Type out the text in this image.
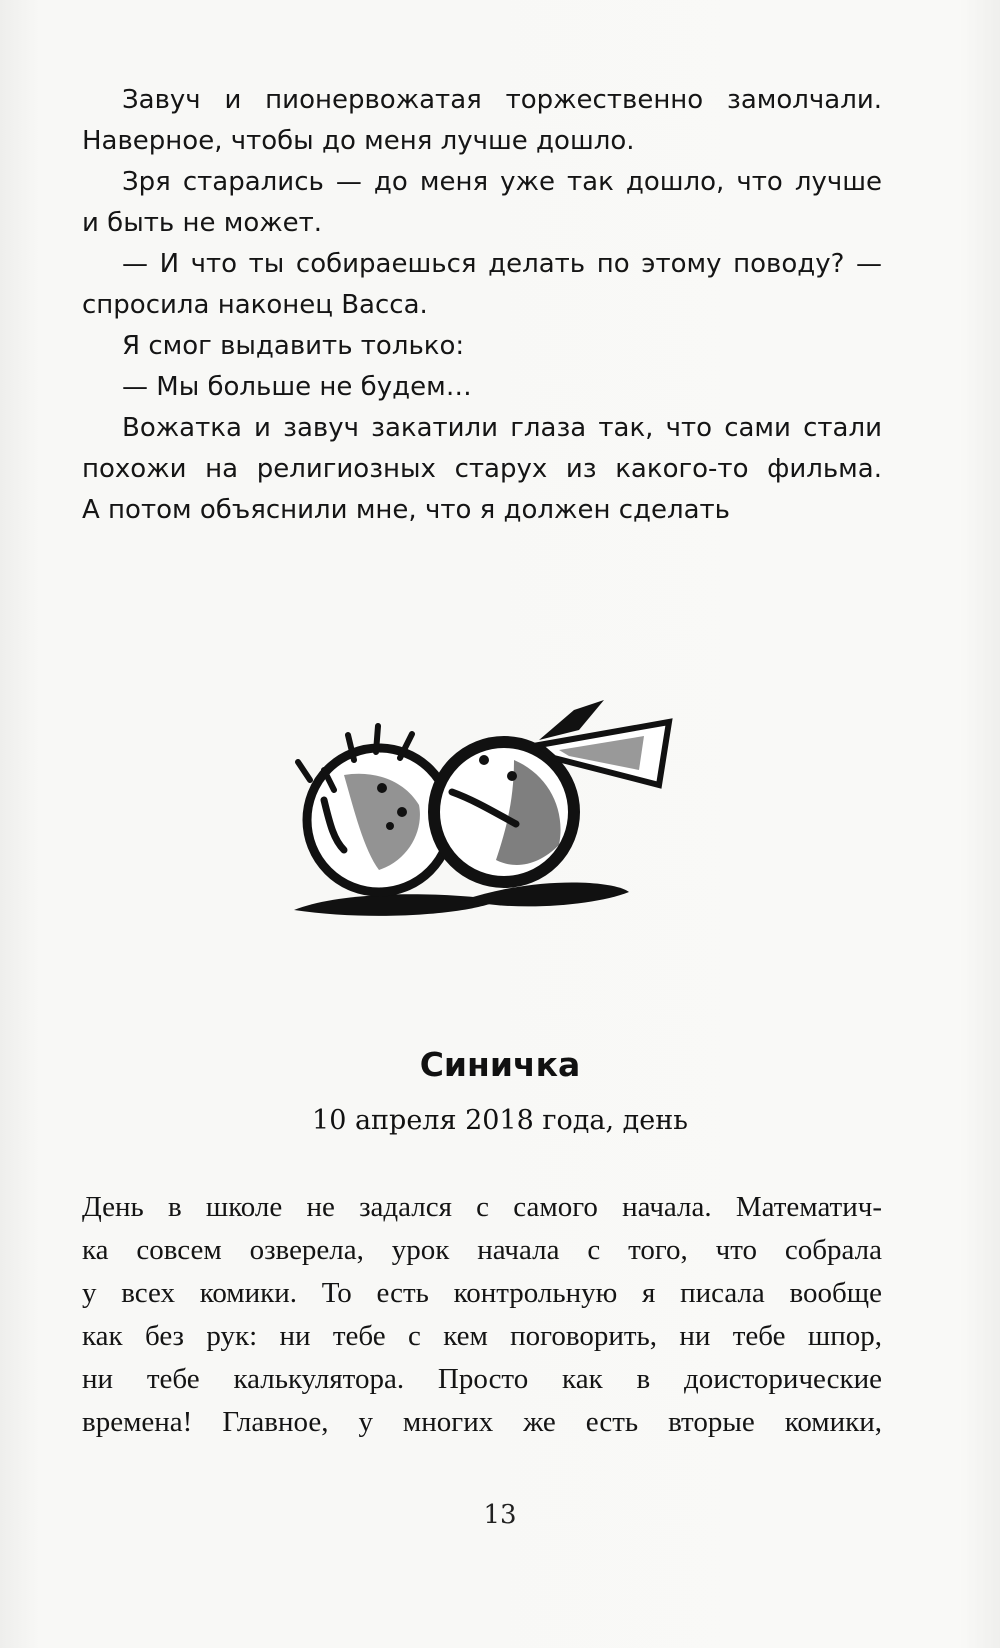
Завуч и пионервожатая торжественно замолчали.

Наверное, чтобы до меня лучше дошло.

Зря старались — до меня уже так дошло, что лучше

и быть не может.

— И что ты собираешься делать по этому поводу? —

спросила наконец Васса.

Я смог выдавить только:

— Мы больше не будем…

Вожатка и завуч закатили глаза так, что сами стали

похожи на религиозных старух из какого-то фильма.

А потом объяснили мне, что я должен сделать

Синичка
10 апреля 2018 года, день
День в школе не задался с самого начала. Математич-
ка совсем озверела, урок начала с того, что собрала
у всех комики. То есть контрольную я писала вообще
как без рук: ни тебе с кем поговорить, ни тебе шпор,
ни тебе калькулятора. Просто как в доисторические
времена! Главное, у многих же есть вторые комики,
13
